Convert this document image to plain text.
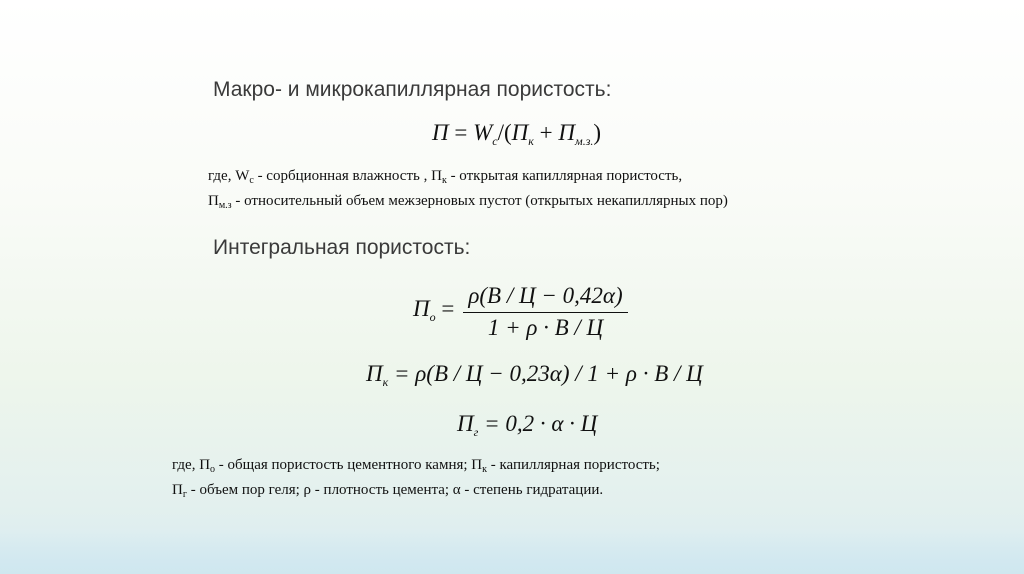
Макро- и микрокапиллярная пористость:
$П = W_c/(П_к + П_{м.з.})$
где, $W_c$ - сорбционная влажность , $П_к$ - открытая капиллярная пористость,
$П_{м.з}$ - относительный объем межзерновых пустот (открытых некапиллярных пор)
Интегральная пористость:
$П_о$ =
ρ(В / Ц − 0,42α)
1 + ρ · В / Ц
$П_к = \rho(В / Ц - 0,23\alpha) / 1 + \rho \cdot В / Ц$
$П_г = 0,2 \cdot \alpha \cdot Ц$
где, $П_о$ - общая пористость цементного камня; $П_к$ - капиллярная пористость;
$П_г$ - объем пор геля; ρ - плотность цемента; α - степень гидратации.
